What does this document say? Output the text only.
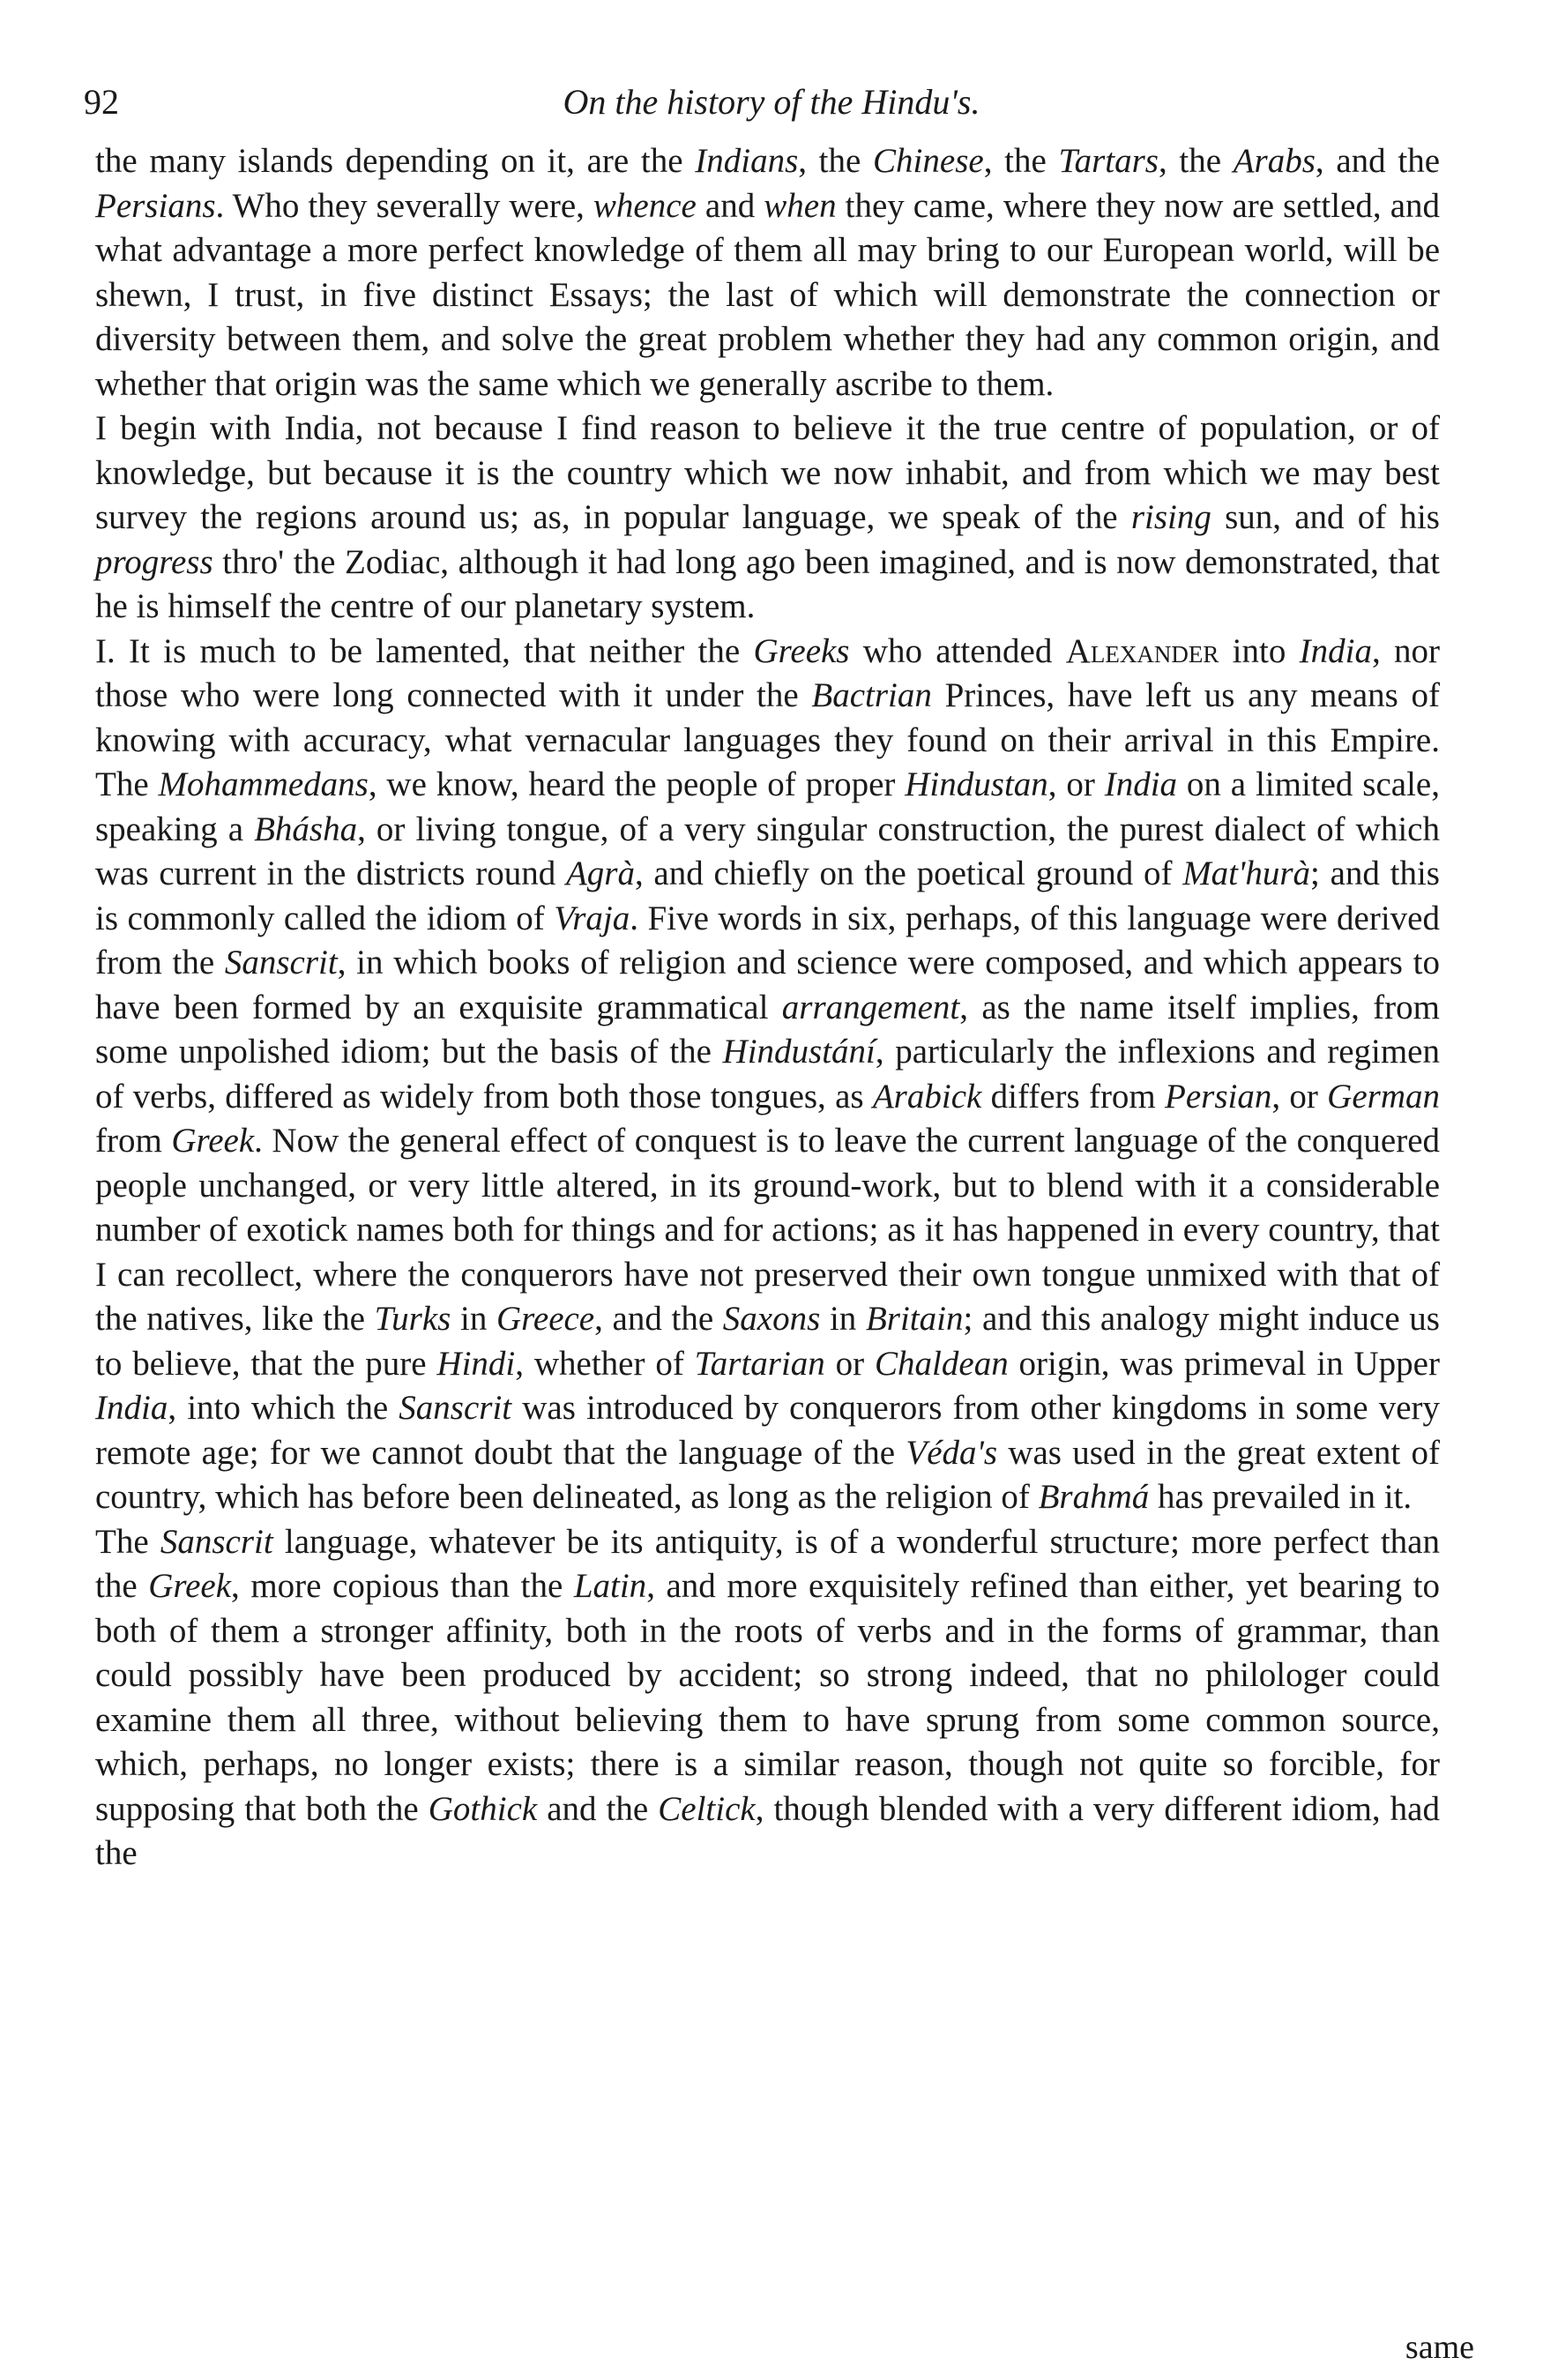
92	On the history of the Hindu's.

the many islands depending on it, are the Indians, the Chinese, the Tartars, the Arabs, and the Persians. Who they severally were, whence and when they came, where they now are settled, and what advantage a more perfect knowledge of them all may bring to our European world, will be shewn, I trust, in five distinct Essays; the last of which will demonstrate the connection or diversity between them, and solve the great problem whether they had any common origin, and whether that origin was the same which we generally ascribe to them.

I begin with India, not because I find reason to believe it the true centre of population, or of knowledge, but because it is the country which we now inhabit, and from which we may best survey the regions around us; as, in popular language, we speak of the rising sun, and of his progress thro' the Zodiac, although it had long ago been imagined, and is now demonstrated, that he is himself the centre of our planetary system.

I. It is much to be lamented, that neither the Greeks who attended Alexander into India, nor those who were long connected with it under the Bactrian Princes, have left us any means of knowing with accuracy, what vernacular languages they found on their arrival in this Empire. The Mohammedans, we know, heard the people of proper Hindustan, or India on a limited scale, speaking a Bhásha, or living tongue, of a very singular construction, the purest dialect of which was current in the districts round Agrà, and chiefly on the poetical ground of Mat'hurà; and this is commonly called the idiom of Vraja. Five words in six, perhaps, of this language were derived from the Sanscrit, in which books of religion and science were composed, and which appears to have been formed by an exquisite grammatical arrangement, as the name itself implies, from some unpolished idiom; but the basis of the Hindustání, particularly the inflexions and regimen of verbs, differed as widely from both those tongues, as Arabick differs from Persian, or German from Greek. Now the general effect of conquest is to leave the current language of the conquered people unchanged, or very little altered, in its ground-work, but to blend with it a considerable number of exotick names both for things and for actions; as it has happened in every country, that I can recollect, where the conquerors have not preserved their own tongue unmixed with that of the natives, like the Turks in Greece, and the Saxons in Britain; and this analogy might induce us to believe, that the pure Hindi, whether of Tartarian or Chaldean origin, was primeval in Upper India, into which the Sanscrit was introduced by conquerors from other kingdoms in some very remote age; for we cannot doubt that the language of the Véda's was used in the great extent of country, which has before been delineated, as long as the religion of Brahmá has prevailed in it.

The Sanscrit language, whatever be its antiquity, is of a wonderful structure; more perfect than the Greek, more copious than the Latin, and more exquisitely refined than either, yet bearing to both of them a stronger affinity, both in the roots of verbs and in the forms of grammar, than could possibly have been produced by accident; so strong indeed, that no philologer could examine them all three, without believing them to have sprung from some common source, which, perhaps, no longer exists; there is a similar reason, though not quite so forcible, for supposing that both the Gothick and the Celtick, though blended with a very different idiom, had the

same
